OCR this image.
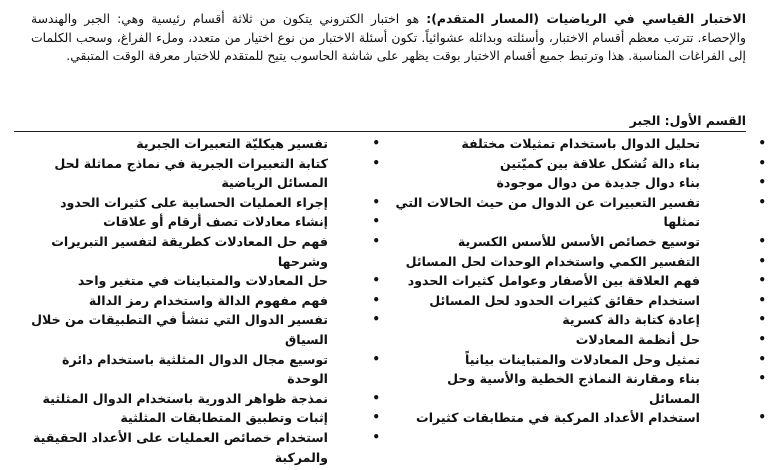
الاختبار القياسي في الرياضيات (المسار المتقدم): هو اختبار الكتروني يتكون من ثلاثة أقسام رئيسية وهي: الجبر والهندسة والإحصاء. تترتب معظم أقسام الاختبار، وأسئلته وبدائله عشوائياً. تكون أسئلة الاختبار من نوع اختيار من متعدد، وملء الفراغ، وسحب الكلمات إلى الفراغات المناسبة. هذا وترتبط جميع أقسام الاختبار بوقت يظهر على شاشة الحاسوب يتيح للمتقدم للاختبار معرفة الوقت المتبقي.

القسم الأول: الجبر
•
تحليل الدوال باستخدام تمثيلات مختلفة
•
بناء دالة تُشكل علاقة بين كميّتين
•
بناء دوال جديدة من دوال موجودة
•
تفسير التعبيرات عن الدوال من حيث الحالات التي تمثلها
•
توسيع خصائص الأسس للأسس الكسرية
•
التفسير الكمي واستخدام الوحدات لحل المسائل
•
فهم العلاقة بين الأصفار وعوامل كثيرات الحدود
•
استخدام حقائق كثيرات الحدود لحل المسائل
•
إعادة كتابة دالة كسرية
•
حل أنظمة المعادلات
•
تمثيل وحل المعادلات والمتباينات بيانياً
•
بناء ومقارنة النماذج الخطية والأسية وحل المسائل
•
استخدام الأعداد المركبة في متطابقات كثيرات
•
تفسير هيكليّة التعبيرات الجبرية
•
كتابة التعبيرات الجبرية في نماذج مماثلة لحل المسائل الرياضية
•
إجراء العمليات الحسابية على كثيرات الحدود
•
إنشاء معادلات تصف أرقام أو علاقات
•
فهم حل المعادلات كطريقة لتفسير التبريرات وشرحها
•
حل المعادلات والمتباينات في متغير واحد
•
فهم مفهوم الدالة واستخدام رمز الدالة
•
تفسير الدوال التي تنشأ في التطبيقات من خلال السياق
•
توسيع مجال الدوال المثلثية باستخدام دائرة الوحدة
•
نمذجة ظواهر الدورية باستخدام الدوال المثلثية
•
إثبات وتطبيق المتطابقات المثلثية
•
استخدام خصائص العمليات على الأعداد الحقيقية والمركبة
